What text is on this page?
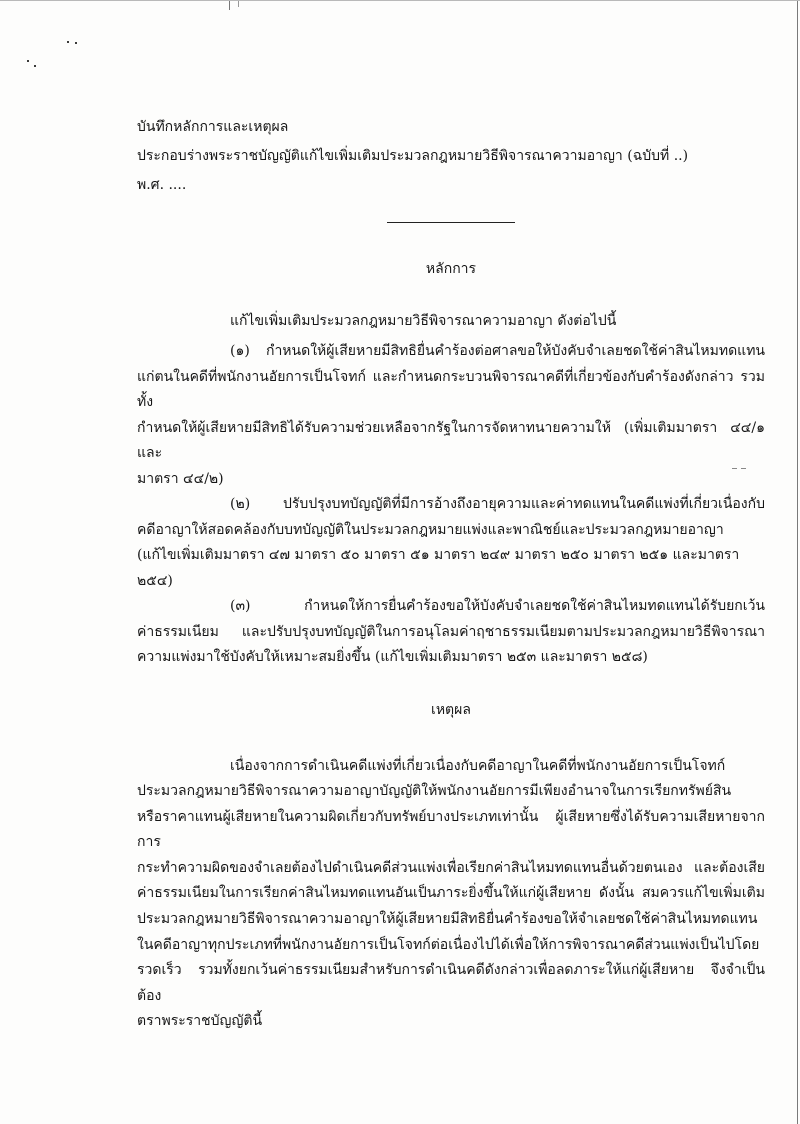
บันทึกหลักการและเหตุผล
ประกอบร่างพระราชบัญญัติแก้ไขเพิ่มเติมประมวลกฎหมายวิธีพิจารณาความอาญา (ฉบับที่ ..)
พ.ศ. ....
หลักการ
แก้ไขเพิ่มเติมประมวลกฎหมายวิธีพิจารณาความอาญา ดังต่อไปนี้
(๑) กำหนดให้ผู้เสียหายมีสิทธิยื่นคำร้องต่อศาลขอให้บังคับจำเลยชดใช้ค่าสินไหมทดแทน
แก่ตนในคดีที่พนักงานอัยการเป็นโจทก์ และกำหนดกระบวนพิจารณาคดีที่เกี่ยวข้องกับคำร้องดังกล่าว รวมทั้ง
กำหนดให้ผู้เสียหายมีสิทธิได้รับความช่วยเหลือจากรัฐในการจัดหาทนายความให้ (เพิ่มเติมมาตรา ๔๔/๑ และ
มาตรา ๔๔/๒)
(๒) ปรับปรุงบทบัญญัติที่มีการอ้างถึงอายุความและค่าทดแทนในคดีแพ่งที่เกี่ยวเนื่องกับ
คดีอาญาให้สอดคล้องกับบทบัญญัติในประมวลกฎหมายแพ่งและพาณิชย์และประมวลกฎหมายอาญา
(แก้ไขเพิ่มเติมมาตรา ๔๗ มาตรา ๕๐ มาตรา ๕๑ มาตรา ๒๔๙ มาตรา ๒๕๐ มาตรา ๒๕๑ และมาตรา ๒๕๔)
(๓) กำหนดให้การยื่นคำร้องขอให้บังคับจำเลยชดใช้ค่าสินไหมทดแทนได้รับยกเว้น
ค่าธรรมเนียม และปรับปรุงบทบัญญัติในการอนุโลมค่าฤชาธรรมเนียมตามประมวลกฎหมายวิธีพิจารณา
ความแพ่งมาใช้บังคับให้เหมาะสมยิ่งขึ้น (แก้ไขเพิ่มเติมมาตรา ๒๕๓ และมาตรา ๒๕๘)
เหตุผล
เนื่องจากการดำเนินคดีแพ่งที่เกี่ยวเนื่องกับคดีอาญาในคดีที่พนักงานอัยการเป็นโจทก์
ประมวลกฎหมายวิธีพิจารณาความอาญาบัญญัติให้พนักงานอัยการมีเพียงอำนาจในการเรียกทรัพย์สิน
หรือราคาแทนผู้เสียหายในความผิดเกี่ยวกับทรัพย์บางประเภทเท่านั้น ผู้เสียหายซึ่งได้รับความเสียหายจากการ
กระทำความผิดของจำเลยต้องไปดำเนินคดีส่วนแพ่งเพื่อเรียกค่าสินไหมทดแทนอื่นด้วยตนเอง และต้องเสีย
ค่าธรรมเนียมในการเรียกค่าสินไหมทดแทนอันเป็นภาระยิ่งขึ้นให้แก่ผู้เสียหาย ดังนั้น สมควรแก้ไขเพิ่มเติม
ประมวลกฎหมายวิธีพิจารณาความอาญาให้ผู้เสียหายมีสิทธิยื่นคำร้องขอให้จำเลยชดใช้ค่าสินไหมทดแทน
ในคดีอาญาทุกประเภทที่พนักงานอัยการเป็นโจทก์ต่อเนื่องไปได้เพื่อให้การพิจารณาคดีส่วนแพ่งเป็นไปโดย
รวดเร็ว รวมทั้งยกเว้นค่าธรรมเนียมสำหรับการดำเนินคดีดังกล่าวเพื่อลดภาระให้แก่ผู้เสียหาย จึงจำเป็นต้อง
ตราพระราชบัญญัตินี้
